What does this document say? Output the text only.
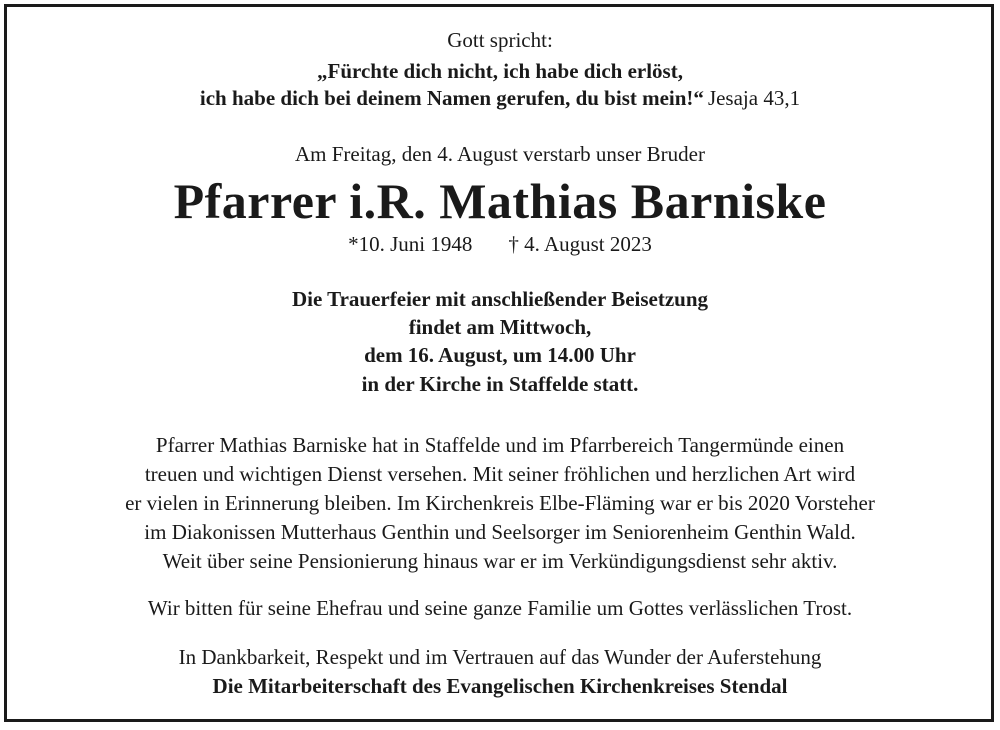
Gott spricht:
„Fürchte dich nicht, ich habe dich erlöst,
ich habe dich bei deinem Namen gerufen, du bist mein!“ Jesaja 43,1
Am Freitag, den 4. August verstarb unser Bruder
Pfarrer i.R. Mathias Barniske
*10. Juni 1948 † 4. August 2023
Die Trauerfeier mit anschließender Beisetzung
findet am Mittwoch,
dem 16. August, um 14.00 Uhr
in der Kirche in Staffelde statt.
Pfarrer Mathias Barniske hat in Staffelde und im Pfarrbereich Tangermünde einen
treuen und wichtigen Dienst versehen. Mit seiner fröhlichen und herzlichen Art wird
er vielen in Erinnerung bleiben. Im Kirchenkreis Elbe-Fläming war er bis 2020 Vorsteher
im Diakonissen Mutterhaus Genthin und Seelsorger im Seniorenheim Genthin Wald.
Weit über seine Pensionierung hinaus war er im Verkündigungsdienst sehr aktiv.
Wir bitten für seine Ehefrau und seine ganze Familie um Gottes verlässlichen Trost.
In Dankbarkeit, Respekt und im Vertrauen auf das Wunder der Auferstehung
Die Mitarbeiterschaft des Evangelischen Kirchenkreises Stendal
